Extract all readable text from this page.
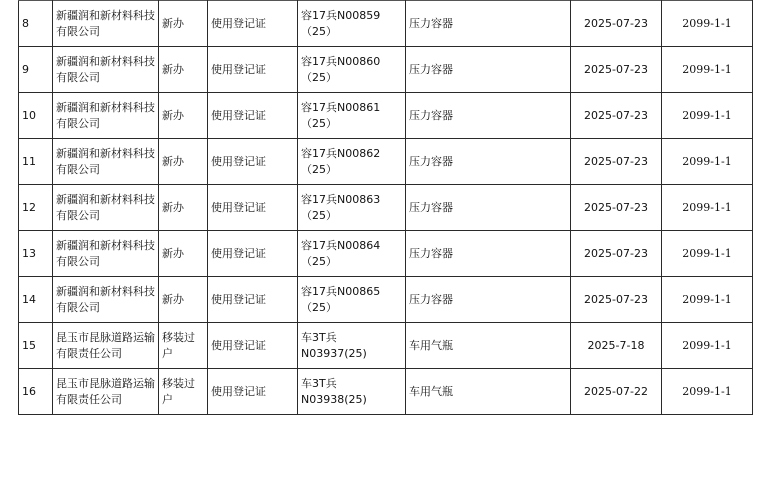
8	新疆润和新材料科技有限公司	新办	使用登记证	容17兵N00859（25）	压力容器	2025-07-23	2099-1-1
9	新疆润和新材料科技有限公司	新办	使用登记证	容17兵N00860（25）	压力容器	2025-07-23	2099-1-1
10	新疆润和新材料科技有限公司	新办	使用登记证	容17兵N00861（25）	压力容器	2025-07-23	2099-1-1
11	新疆润和新材料科技有限公司	新办	使用登记证	容17兵N00862（25）	压力容器	2025-07-23	2099-1-1
12	新疆润和新材料科技有限公司	新办	使用登记证	容17兵N00863（25）	压力容器	2025-07-23	2099-1-1
13	新疆润和新材料科技有限公司	新办	使用登记证	容17兵N00864（25）	压力容器	2025-07-23	2099-1-1
14	新疆润和新材料科技有限公司	新办	使用登记证	容17兵N00865（25）	压力容器	2025-07-23	2099-1-1
15	昆玉市昆脉道路运输有限责任公司	移装过户	使用登记证	车3T兵N03937(25)	车用气瓶	2025-7-18	2099-1-1
16	昆玉市昆脉道路运输有限责任公司	移装过户	使用登记证	车3T兵N03938(25)	车用气瓶	2025-07-22	2099-1-1
